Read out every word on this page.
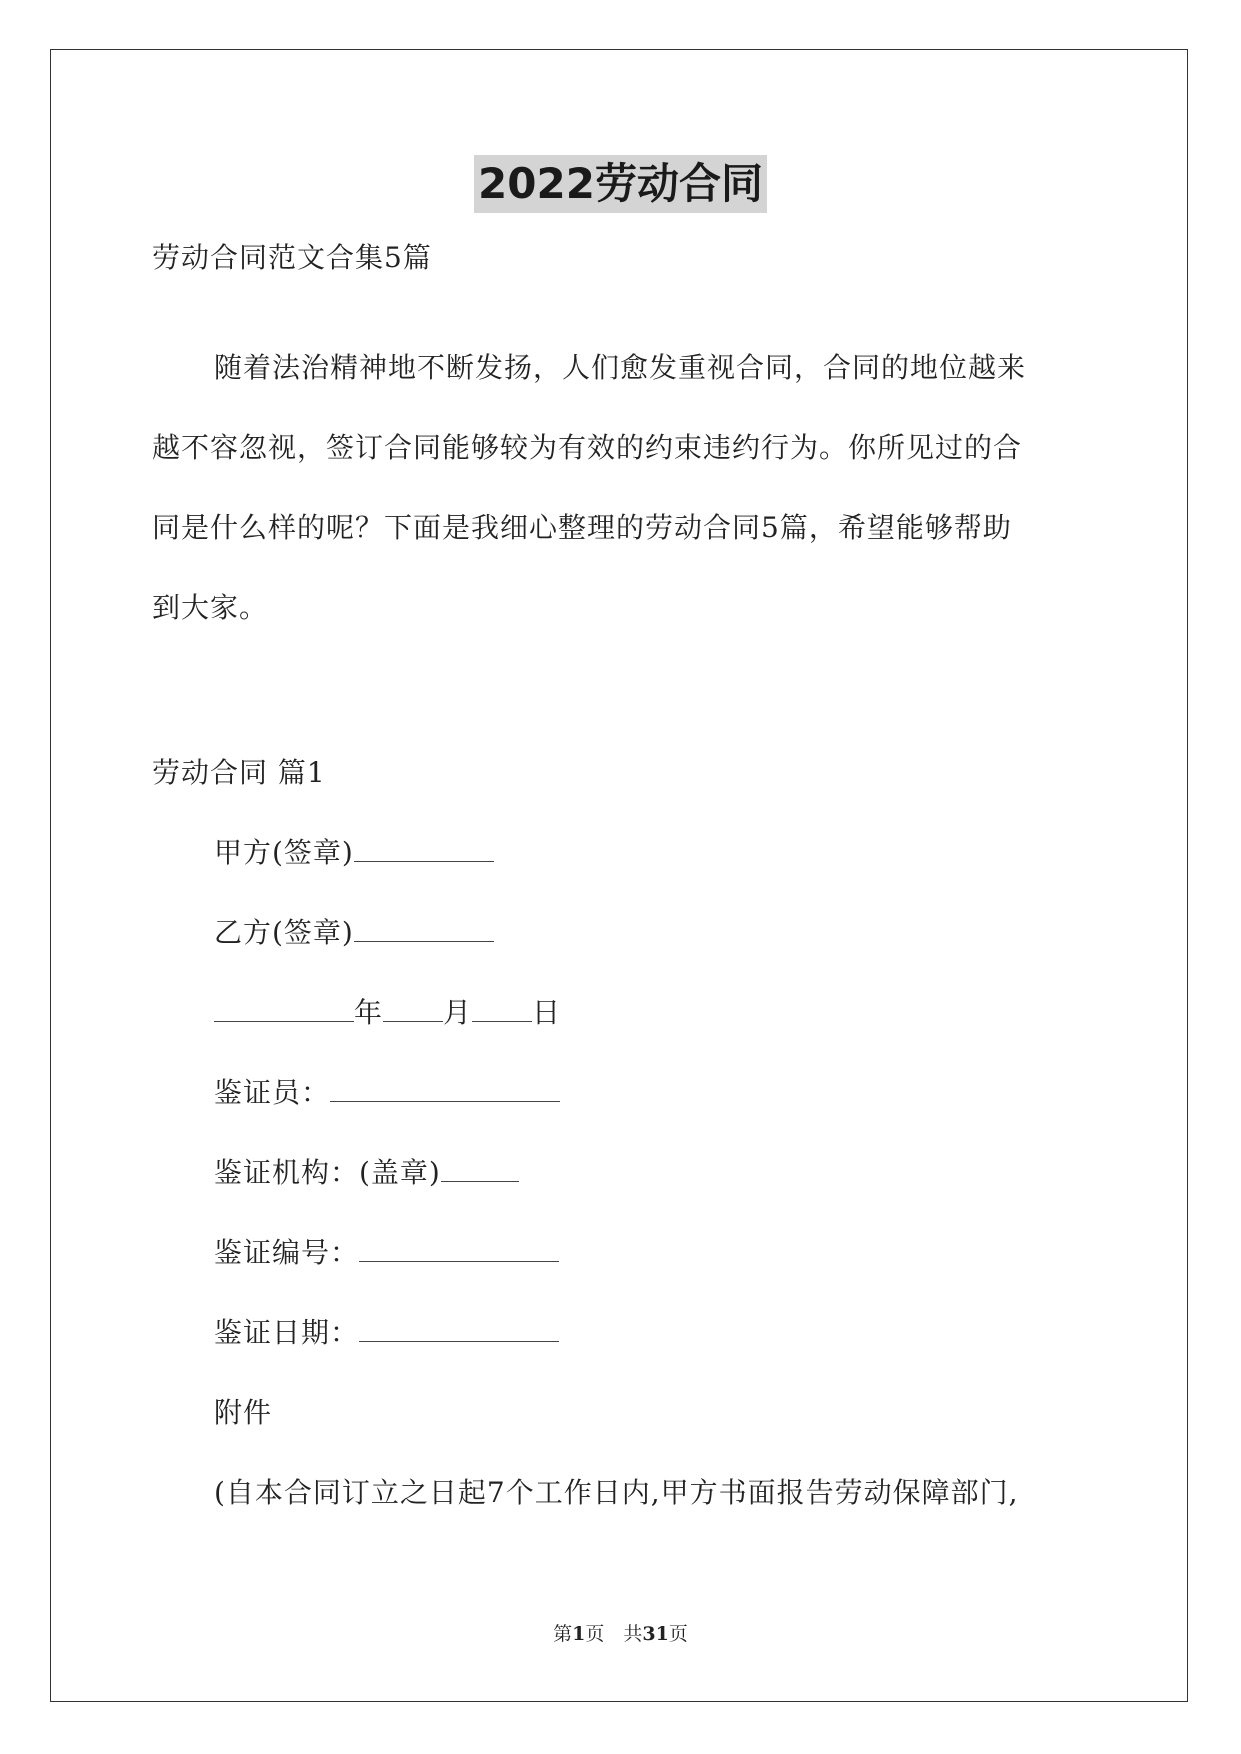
2022劳动合同
劳动合同范文合集5篇
随着法治精神地不断发扬，人们愈发重视合同，合同的地位越来
越不容忽视，签订合同能够较为有效的约束违约行为。你所见过的合
同是什么样的呢？下面是我细心整理的劳动合同5篇，希望能够帮助
到大家。
劳动合同 篇1
甲方(签章)
乙方(签章)
年 月 日
鉴证员：
鉴证机构：(盖章)
鉴证编号：
鉴证日期：
附件
(自本合同订立之日起7个工作日内,甲方书面报告劳动保障部门,
第1页　共31页
